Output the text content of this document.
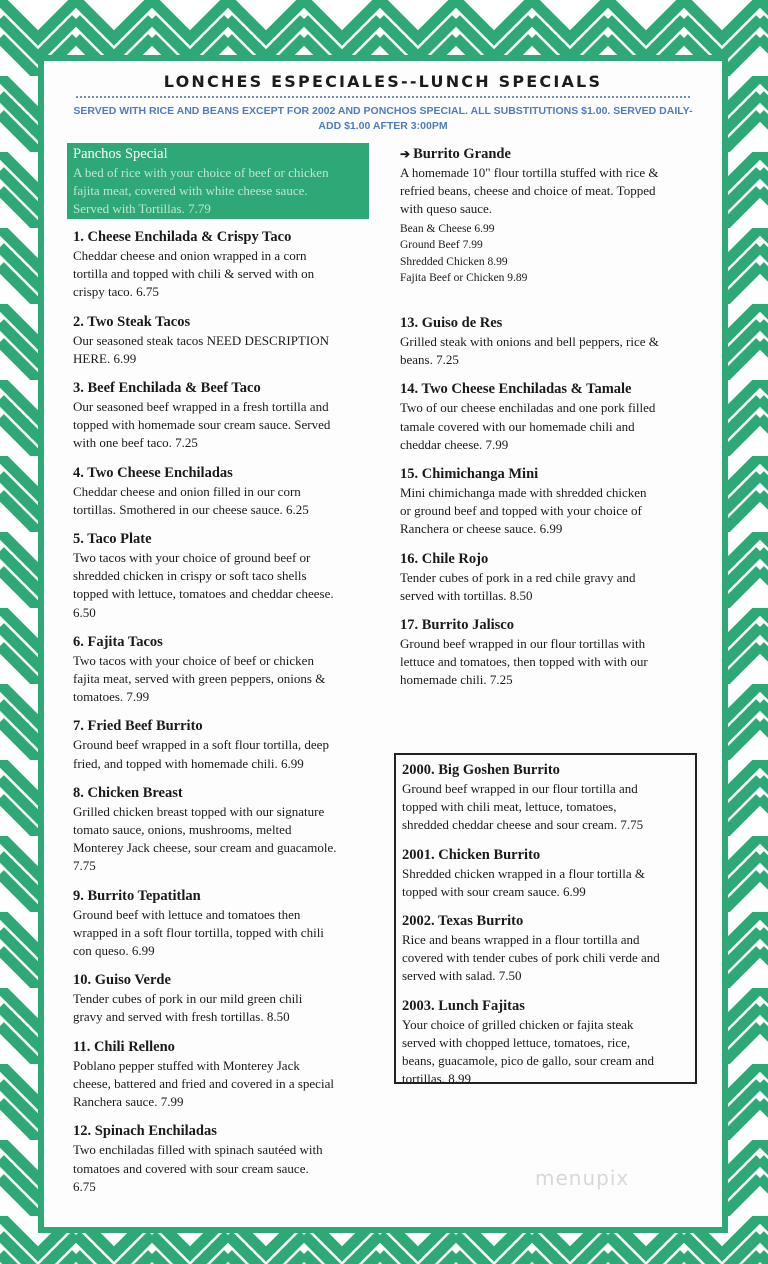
LONCHES ESPECIALES--LUNCH SPECIALS
SERVED WITH RICE AND BEANS EXCEPT FOR 2002 AND PONCHOS SPECIAL. ALL SUBSTITUTIONS $1.00. SERVED DAILY-
ADD $1.00 AFTER 3:00PM
Panchos Special
A bed of rice with your choice of beef or chicken
fajita meat, covered with white cheese sauce.
Served with Tortillas. 7.79
1. Cheese Enchilada & Crispy Taco
Cheddar cheese and onion wrapped in a corn
tortilla and topped with chili & served with on
crispy taco. 6.75
2. Two Steak Tacos
Our seasoned steak tacos NEED DESCRIPTION
HERE. 6.99
3. Beef Enchilada & Beef Taco
Our seasoned beef wrapped in a fresh tortilla and
topped with homemade sour cream sauce. Served
with one beef taco. 7.25
4. Two Cheese Enchiladas
Cheddar cheese and onion filled in our corn
tortillas. Smothered in our cheese sauce. 6.25
5. Taco Plate
Two tacos with your choice of ground beef or
shredded chicken in crispy or soft taco shells
topped with lettuce, tomatoes and cheddar cheese.
6.50
6. Fajita Tacos
Two tacos with your choice of beef or chicken
fajita meat, served with green peppers, onions &
tomatoes. 7.99
7. Fried Beef Burrito
Ground beef wrapped in a soft flour tortilla, deep
fried, and topped with homemade chili. 6.99
8. Chicken Breast
Grilled chicken breast topped with our signature
tomato sauce, onions, mushrooms, melted
Monterey Jack cheese, sour cream and guacamole.
7.75
9. Burrito Tepatitlan
Ground beef with lettuce and tomatoes then
wrapped in a soft flour tortilla, topped with chili
con queso. 6.99
10. Guiso Verde
Tender cubes of pork in our mild green chili
gravy and served with fresh tortillas. 8.50
11. Chili Relleno
Poblano pepper stuffed with Monterey Jack
cheese, battered and fried and covered in a special
Ranchera sauce. 7.99
12. Spinach Enchiladas
Two enchiladas filled with spinach sautéed with
tomatoes and covered with sour cream sauce.
6.75
➔ Burrito Grande
A homemade 10" flour tortilla stuffed with rice &
refried beans, cheese and choice of meat. Topped
with queso sauce.
Bean & Cheese 6.99
Ground Beef 7.99
Shredded Chicken 8.99
Fajita Beef or Chicken 9.89
13. Guiso de Res
Grilled steak with onions and bell peppers, rice &
beans. 7.25
14. Two Cheese Enchiladas & Tamale
Two of our cheese enchiladas and one pork filled
tamale covered with our homemade chili and
cheddar cheese. 7.99
15. Chimichanga Mini
Mini chimichanga made with shredded chicken
or ground beef and topped with your choice of
Ranchera or cheese sauce. 6.99
16. Chile Rojo
Tender cubes of pork in a red chile gravy and
served with tortillas. 8.50
17. Burrito Jalisco
Ground beef wrapped in our flour tortillas with
lettuce and tomatoes, then topped with with our
homemade chili. 7.25
2000. Big Goshen Burrito
Ground beef wrapped in our flour tortilla and
topped with chili meat, lettuce, tomatoes,
shredded cheddar cheese and sour cream. 7.75
2001. Chicken Burrito
Shredded chicken wrapped in a flour tortilla &
topped with sour cream sauce. 6.99
2002. Texas Burrito
Rice and beans wrapped in a flour tortilla and
covered with tender cubes of pork chili verde and
served with salad. 7.50
2003. Lunch Fajitas
Your choice of grilled chicken or fajita steak
served with chopped lettuce, tomatoes, rice,
beans, guacamole, pico de gallo, sour cream and
tortillas. 8.99
menupix
